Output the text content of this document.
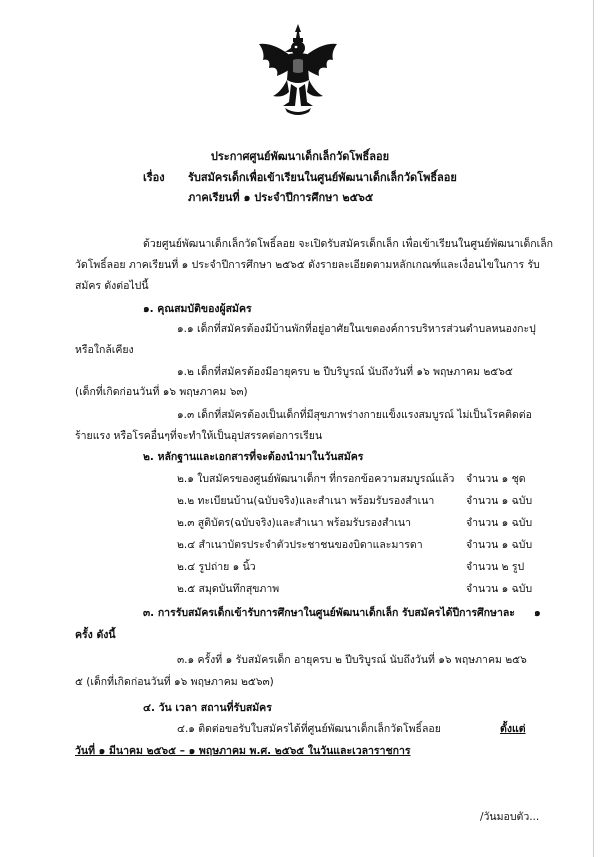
ประกาศศูนย์พัฒนาเด็กเล็กวัดโพธิ์ลอย
เรื่อง รับสมัครเด็กเพื่อเข้าเรียนในศูนย์พัฒนาเด็กเล็กวัดโพธิ์ลอย
ภาคเรียนที่ ๑ ประจำปีการศึกษา ๒๕๖๕
ด้วยศูนย์พัฒนาเด็กเล็กวัดโพธิ์ลอย จะเปิดรับสมัครเด็กเล็ก เพื่อเข้าเรียนในศูนย์พัฒนาเด็กเล็ก
วัดโพธิ์ลอย ภาคเรียนที่ ๑ ประจำปีการศึกษา ๒๕๖๕ ดังรายละเอียดตามหลักเกณฑ์และเงื่อนไขในการ รับ
สมัคร ดังต่อไปนี้
๑. คุณสมบัติของผู้สมัคร
๑.๑ เด็กที่สมัครต้องมีบ้านพักที่อยู่อาศัยในเขตองค์การบริหารส่วนตำบลหนองกะปุ
หรือใกล้เคียง
๑.๒ เด็กที่สมัครต้องมีอายุครบ ๒ ปีบริบูรณ์ นับถึงวันที่ ๑๖ พฤษภาคม ๒๕๖๕
(เด็กที่เกิดก่อนวันที่ ๑๖ พฤษภาคม ๖๓)
๑.๓ เด็กที่สมัครต้องเป็นเด็กที่มีสุขภาพร่างกายแข็งแรงสมบูรณ์ ไม่เป็นโรคติดต่อ
ร้ายแรง หรือโรคอื่นๆที่จะทำให้เป็นอุปสรรคต่อการเรียน
๒. หลักฐานและเอกสารที่จะต้องนำมาในวันสมัคร
๒.๑ ใบสมัครของศูนย์พัฒนาเด็กฯ ที่กรอกข้อความสมบูรณ์แล้ว จำนวน ๑ ชุด
๒.๒ ทะเบียนบ้าน(ฉบับจริง)และสำเนา พร้อมรับรองสำเนา	จำนวน ๑ ฉบับ
๒.๓ สูติบัตร(ฉบับจริง)และสำเนา พร้อมรับรองสำเนา	จำนวน ๑ ฉบับ
๒.๔ สำเนาบัตรประจำตัวประชาชนของบิดาและมารดา	จำนวน ๑ ฉบับ
๒.๔ รูปถ่าย ๑ นิ้ว	จำนวน ๒ รูป
๒.๕ สมุดบันทึกสุขภาพ	จำนวน ๑ ฉบับ
๓. การรับสมัครเด็กเข้ารับการศึกษาในศูนย์พัฒนาเด็กเล็ก รับสมัครได้ปีการศึกษาละ ๑
ครั้ง ดังนี้
๓.๑ ครั้งที่ ๑ รับสมัครเด็ก อายุครบ ๒ ปีบริบูรณ์ นับถึงวันที่ ๑๖ พฤษภาคม ๒๕๖
๕ (เด็กที่เกิดก่อนวันที่ ๑๖ พฤษภาคม ๒๕๖๓)
๔. วัน เวลา สถานที่รับสมัคร
๔.๑ ติดต่อขอรับใบสมัครได้ที่ศูนย์พัฒนาเด็กเล็กวัดโพธิ์ลอย	ตั้งแต่
วันที่ ๑ มีนาคม ๒๕๖๕ – ๑ พฤษภาคม พ.ศ. ๒๕๖๕ ในวันและเวลาราชการ
/วันมอบตัว...
